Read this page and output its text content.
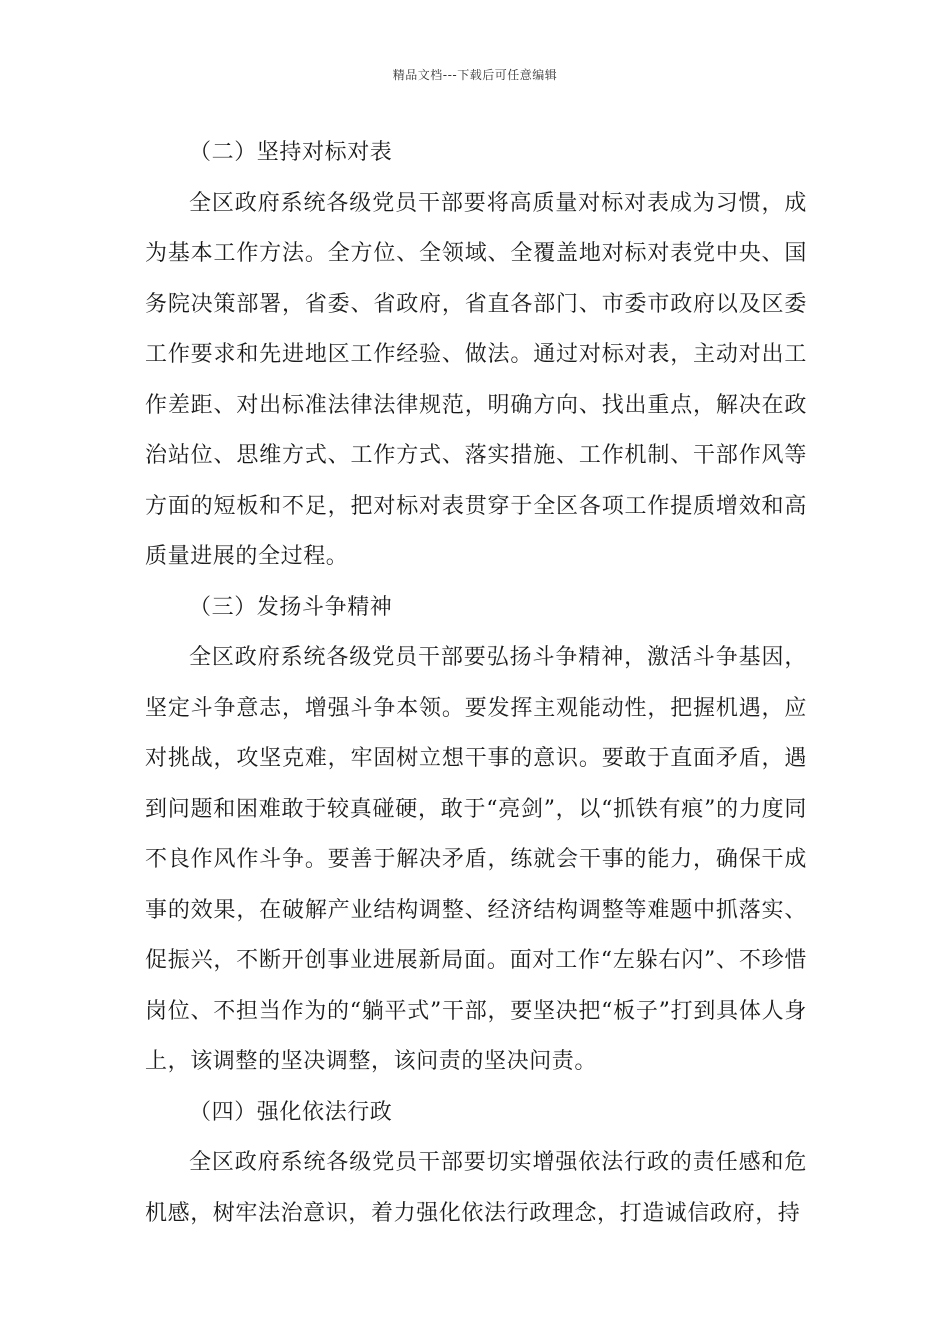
精品文档---下载后可任意编辑
（二）坚持对标对表

全区政府系统各级党员干部要将高质量对标对表成为习惯，成为基本工作方法。全方位、全领域、全覆盖地对标对表党中央、国务院决策部署，省委、省政府，省直各部门、市委市政府以及区委工作要求和先进地区工作经验、做法。通过对标对表，主动对出工作差距、对出标准法律法律规范，明确方向、找出重点，解决在政治站位、思维方式、工作方式、落实措施、工作机制、干部作风等方面的短板和不足，把对标对表贯穿于全区各项工作提质增效和高质量进展的全过程。

（三）发扬斗争精神

全区政府系统各级党员干部要弘扬斗争精神，激活斗争基因，坚定斗争意志，增强斗争本领。要发挥主观能动性，把握机遇，应对挑战，攻坚克难，牢固树立想干事的意识。要敢于直面矛盾，遇到问题和困难敢于较真碰硬，敢于“亮剑”，以“抓铁有痕”的力度同不良作风作斗争。要善于解决矛盾，练就会干事的能力，确保干成事的效果，在破解产业结构调整、经济结构调整等难题中抓落实、促振兴，不断开创事业进展新局面。面对工作“左躲右闪”、不珍惜岗位、不担当作为的“躺平式”干部，要坚决把“板子”打到具体人身上，该调整的坚决调整，该问责的坚决问责。

（四）强化依法行政

全区政府系统各级党员干部要切实增强依法行政的责任感和危机感，树牢法治意识，着力强化依法行政理念，打造诚信政府，持
